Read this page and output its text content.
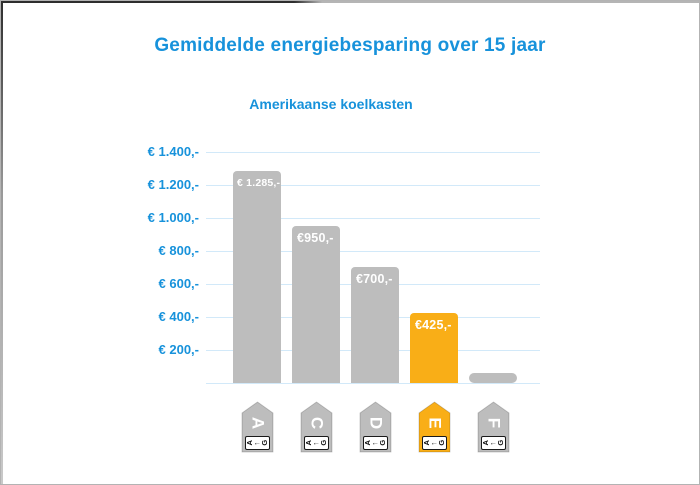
Gemiddelde energiebesparing over 15 jaar
Amerikaanse koelkasten
€ 1.400,-
€ 1.200,-
€ 1.000,-
€ 800,-
€ 600,-
€ 400,-
€ 200,-
€ 1.285,-
€950,-
€700,-
€425,-
A
A ← G
C
A ← G
D
A ← G
E
A ← G
F
A ← G
